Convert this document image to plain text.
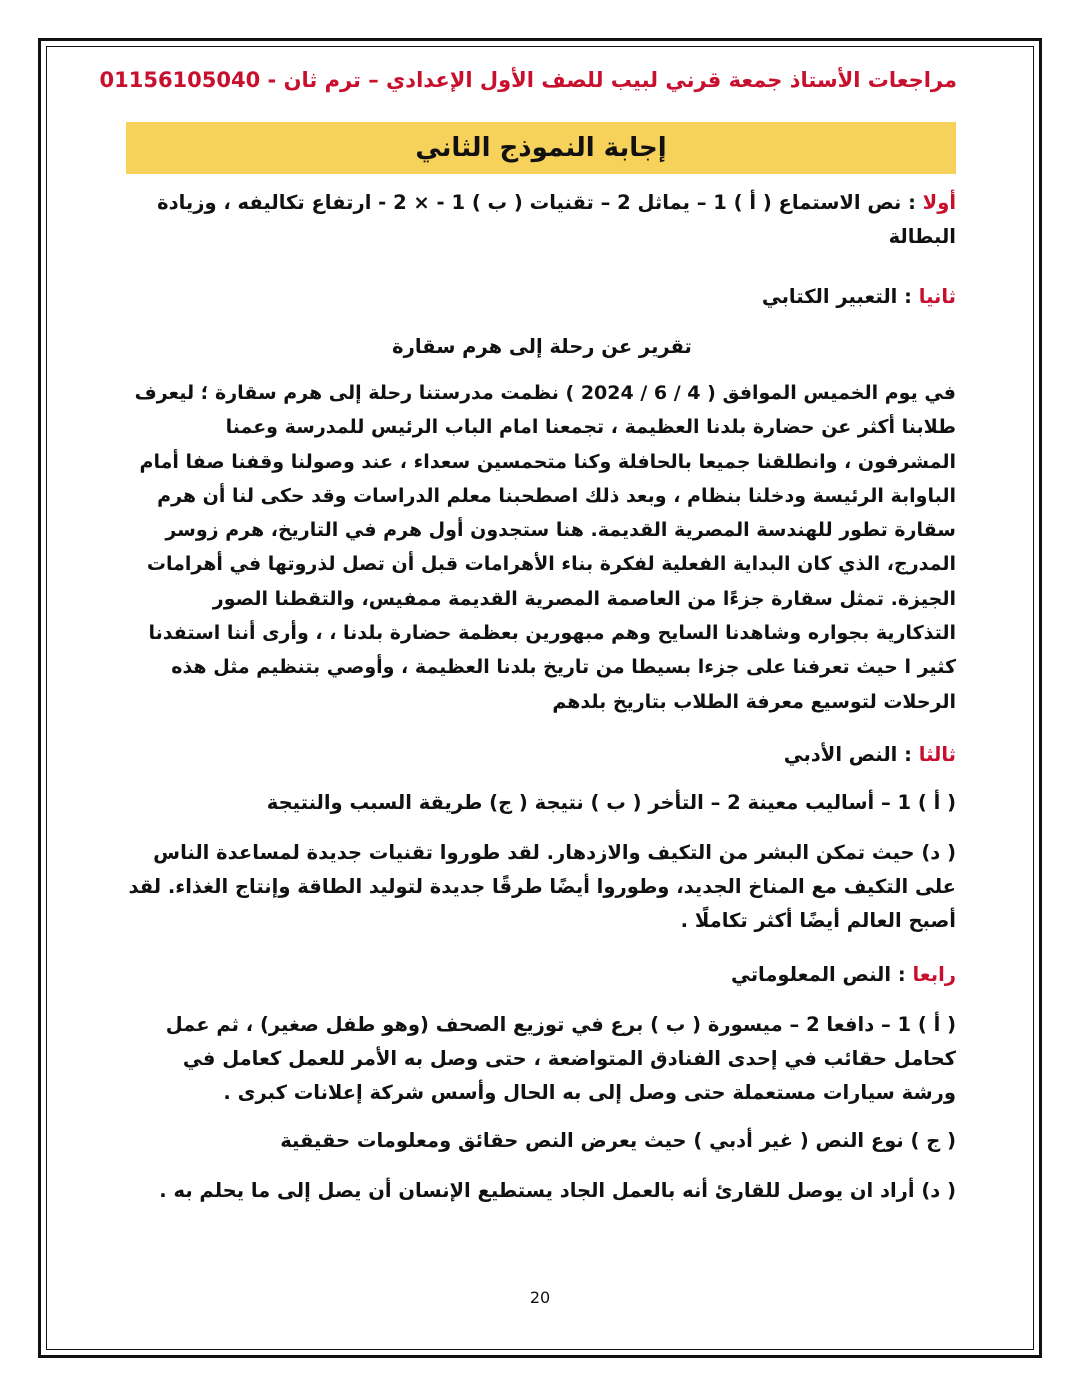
مراجعات الأستاذ جمعة قرني لبيب للصف الأول الإعدادي – ترم ثان - 01156105040
إجابة النموذج الثاني
أولا : نص الاستماع ( أ ) 1 – يماثل 2 – تقنيات ( ب ) 1 - × 2 - ارتفاع تكاليفه ، وزيادة البطالة
ثانيا : التعبير الكتابي
تقرير عن رحلة إلى هرم سقارة
في يوم الخميس الموافق ( 4 / 6 / 2024 ) نظمت مدرستنا رحلة إلى هرم سقارة ؛ ليعرف طلابنا أكثر عن حضارة بلدنا العظيمة ، تجمعنا امام الباب الرئيس للمدرسة وعمنا المشرفون ، وانطلقنا جميعا بالحافلة وكنا متحمسين سعداء ، عند وصولنا وقفنا صفا أمام الباوابة الرئيسة ودخلنا بنظام ، وبعد ذلك اصطحبنا معلم الدراسات وقد حكى لنا أن هرم سقارة تطور للهندسة المصرية القديمة. هنا ستجدون أول هرم في التاريخ، هرم زوسر المدرج، الذي كان البداية الفعلية لفكرة بناء الأهرامات قبل أن تصل لذروتها في أهرامات الجيزة. تمثل سقارة جزءًا من العاصمة المصرية القديمة ممفيس، والتقطنا الصور التذكارية بجواره وشاهدنا السايح وهم مبهورين بعظمة حضارة بلدنا ، ، وأرى أننا استفدنا كثير ا حيث تعرفنا على جزءا بسيطا من تاريخ بلدنا العظيمة ، وأوصي بتنظيم مثل هذه الرحلات لتوسيع معرفة الطلاب بتاريخ بلدهم
ثالثا : النص الأدبي
( أ ) 1 – أساليب معينة 2 – التأخر ( ب ) نتيجة ( ج) طريقة السبب والنتيجة
( د) حيث تمكن البشر من التكيف والازدهار. لقد طوروا تقنيات جديدة لمساعدة الناس على التكيف مع المناخ الجديد، وطوروا أيضًا طرقًا جديدة لتوليد الطاقة وإنتاج الغذاء. لقد أصبح العالم أيضًا أكثر تكاملًا .
رابعا : النص المعلوماتي
( أ ) 1 – دافعا 2 – ميسورة ( ب ) برع في توزيع الصحف (وهو طفل صغير) ، ثم عمل كحامل حقائب في إحدى الفنادق المتواضعة ، حتى وصل به الأمر للعمل كعامل في ورشة سيارات مستعملة حتى وصل إلى به الحال وأسس شركة إعلانات كبرى .
( ج ) نوع النص ( غير أدبي ) حيث يعرض النص حقائق ومعلومات حقيقية
( د) أراد ان يوصل للقارئ أنه بالعمل الجاد يستطيع الإنسان أن يصل إلى ما يحلم به .
20
